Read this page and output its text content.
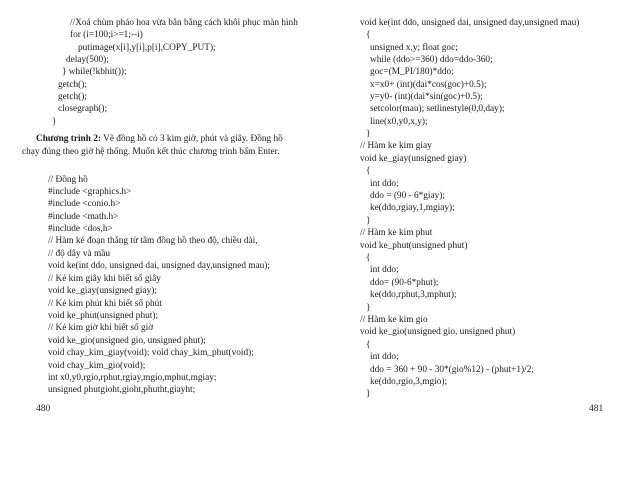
//Xoá chùm pháo hoa vừa bắn bằng cách khôi phục màn hình
for (i=100;i>=1;--i)
putimage(x[i],y[i],p[i],COPY_PUT);
delay(500);
} while(!kbhit());
getch();
getch();
closegraph();
}
Chương trình 2: Vẽ đồng hồ có 3 kim giờ, phút và giây. Đồng hồ chạy đúng theo giờ hệ thống. Muốn kết thúc chương trình bấm Enter.
// Đồng hồ
#include <graphics.h>
#include <conio.h>
#include <math.h>
#include <dos,h>
// Hàm kẻ đoạn thẳng từ tâm đồng hồ theo độ, chiều dài,
// độ dây và mầu
void ke(int ddo, unsigned dai, unsigned day,unsigned mau);
// Kẻ kim giây khi biết số giây
void ke_giay(unsigned giay);
// Kẻ kim phút khi biết số phút
void ke_phut(unsigned phut);
// Kẻ kim giờ khi biết số giờ
void ke_gio(unsigned gio, unsigned phut);
void chay_kim_giay(void); void chay_kim_phut(void);
void chay_kim_gio(void);
int x0,y0,rgio,rphut,rgiay,mgio,mphut,mgiay;
unsigned phutgioht,gioht,phutht,giayht;
480
void ke(int ddo, unsigned dai, unsigned day,unsigned mau)
{
unsigned x,y; float goc;
while (ddo>=360) ddo=ddo-360;
goc=(M_PI/180)*ddo;
x=x0+ (int)(dai*cos(goc)+0.5);
y=y0- (int)(dai*sin(goc)+0.5);
setcolor(mau); setlinestyle(0,0,day);
line(x0,y0,x,y);
}
// Hàm ke kim giay
void ke_giay(unsigned giay)
{
int ddo;
ddo = (90 - 6*giay);
ke(ddo,rgiay,1,mgiay);
}
// Hàm ke kim phut
void ke_phut(unsigned phut)
{
int ddo;
ddo= (90-6*phut);
ke(ddo,rphut,3,mphut);
}
// Hàm ke kim gio
void ke_gio(unsigned gio, unsigned phut)
{
int ddo;
ddo = 360 + 90 - 30*(gio%12) - (phut+1)/2;
ke(ddo,rgio,3,mgio);
}
481
